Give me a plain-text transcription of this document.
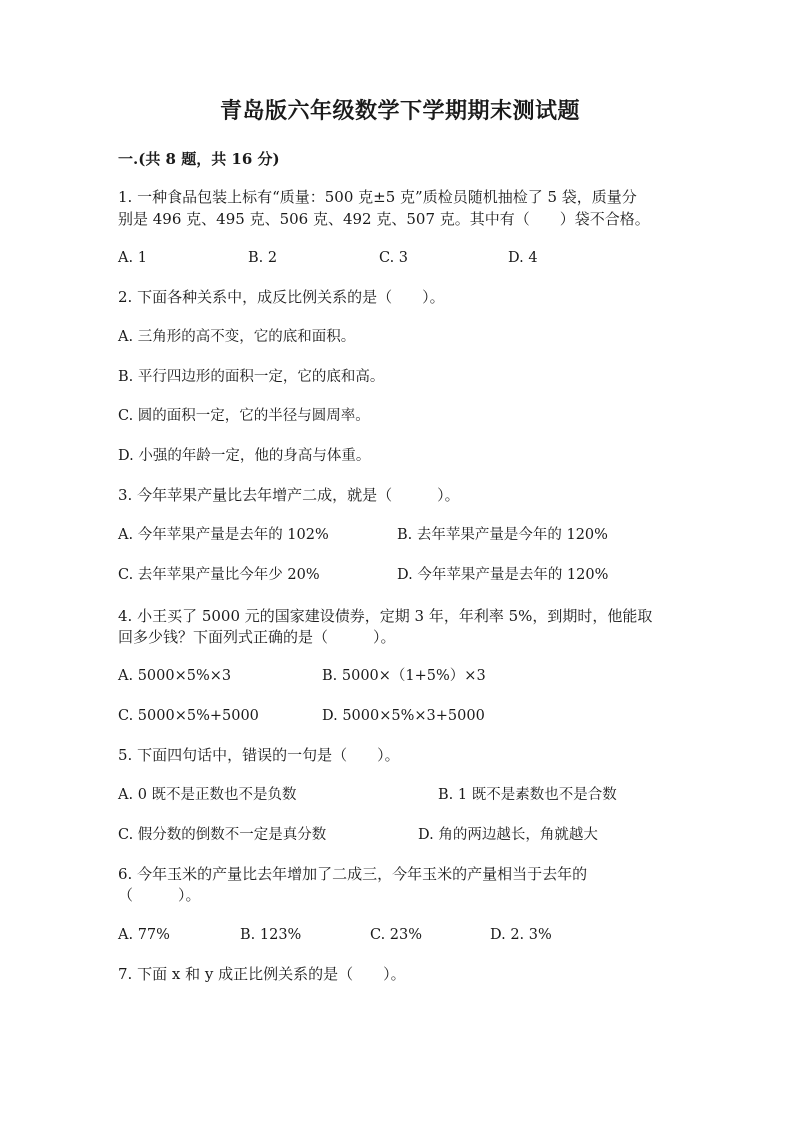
青岛版六年级数学下学期期末测试题
一.(共 8 题，共 16 分)
1. 一种食品包装上标有“质量：500 克±5 克”质检员随机抽检了 5 袋，质量分
别是 496 克、495 克、506 克、492 克、507 克。其中有（　　）袋不合格。
A. 1	B. 2	C. 3	D. 4
2. 下面各种关系中，成反比例关系的是（　　）。
A. 三角形的高不变，它的底和面积。
B. 平行四边形的面积一定，它的底和高。
C. 圆的面积一定，它的半径与圆周率。
D. 小强的年龄一定，他的身高与体重。
3. 今年苹果产量比去年增产二成，就是（　　　）。
A. 今年苹果产量是去年的 102%	B. 去年苹果产量是今年的 120%
C. 去年苹果产量比今年少 20%	D. 今年苹果产量是去年的 120%
4. 小王买了 5000 元的国家建设债券，定期 3 年，年利率 5%，到期时，他能取
回多少钱？下面列式正确的是（　　　）。
A. 5000×5%×3	B. 5000×（1+5%）×3
C. 5000×5%+5000	D. 5000×5%×3+5000
5. 下面四句话中，错误的一句是（　　）。
A. 0 既不是正数也不是负数	B. 1 既不是素数也不是合数
C. 假分数的倒数不一定是真分数	D. 角的两边越长，角就越大
6. 今年玉米的产量比去年增加了二成三，今年玉米的产量相当于去年的
（　　　）。
A. 77%	B. 123%	C. 23%	D. 2. 3%
7. 下面 x 和 y 成正比例关系的是（　　）。
